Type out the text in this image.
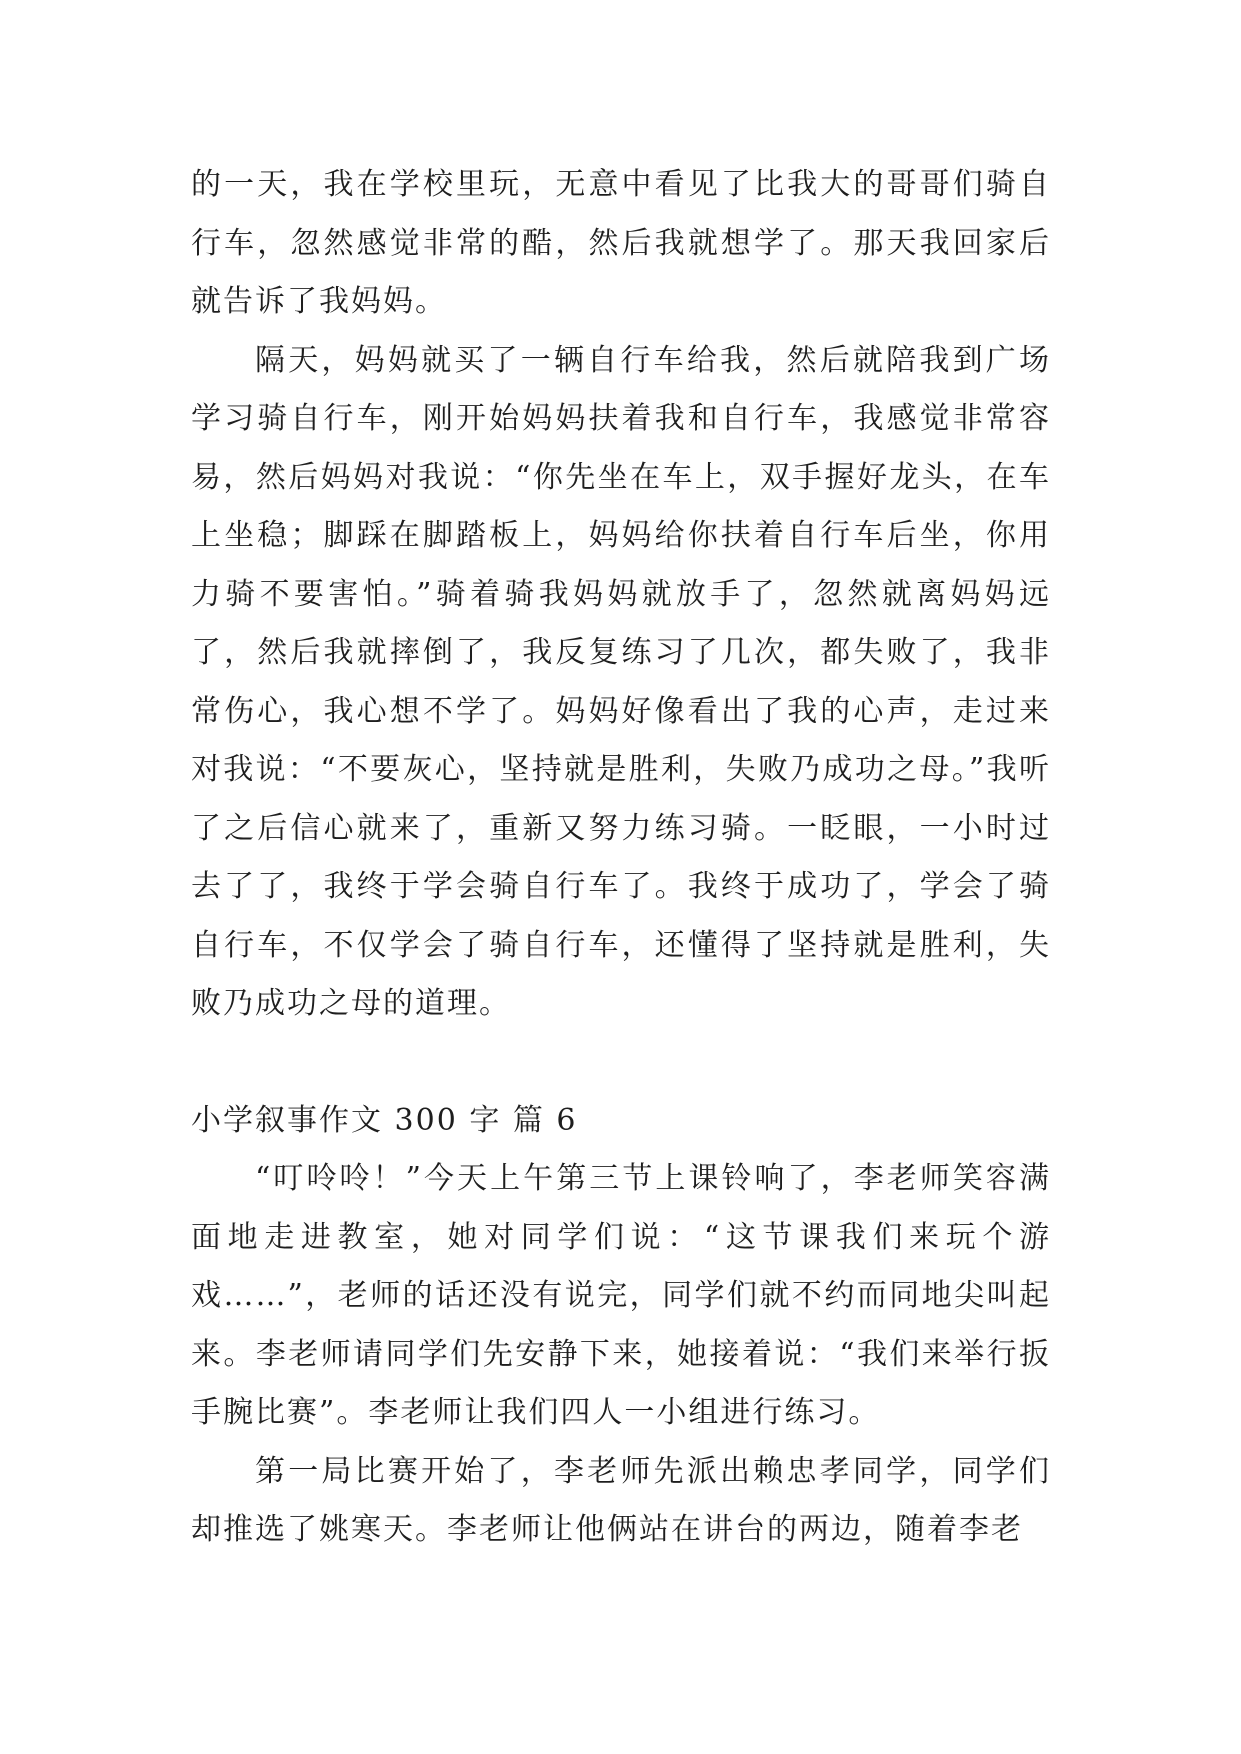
的一天，我在学校里玩，无意中看见了比我大的哥哥们骑自行车，忽然感觉非常的酷，然后我就想学了。那天我回家后就告诉了我妈妈。

隔天，妈妈就买了一辆自行车给我，然后就陪我到广场学习骑自行车，刚开始妈妈扶着我和自行车，我感觉非常容易，然后妈妈对我说：“你先坐在车上，双手握好龙头，在车上坐稳；脚踩在脚踏板上，妈妈给你扶着自行车后坐，你用力骑不要害怕。”骑着骑我妈妈就放手了，忽然就离妈妈远了，然后我就摔倒了，我反复练习了几次，都失败了，我非常伤心，我心想不学了。妈妈好像看出了我的心声，走过来对我说：“不要灰心，坚持就是胜利，失败乃成功之母。”我听了之后信心就来了，重新又努力练习骑。一眨眼，一小时过去了了，我终于学会骑自行车了。我终于成功了，学会了骑自行车，不仅学会了骑自行车，还懂得了坚持就是胜利，失败乃成功之母的道理。

小学叙事作文 300 字 篇 6

“叮呤呤！”今天上午第三节上课铃响了，李老师笑容满面地走进教室，她对同学们说：“这节课我们来玩个游戏……”，老师的话还没有说完，同学们就不约而同地尖叫起来。李老师请同学们先安静下来，她接着说：“我们来举行扳手腕比赛”。李老师让我们四人一小组进行练习。

第一局比赛开始了，李老师先派出赖忠孝同学，同学们却推选了姚寒天。李老师让他俩站在讲台的两边，随着李老
